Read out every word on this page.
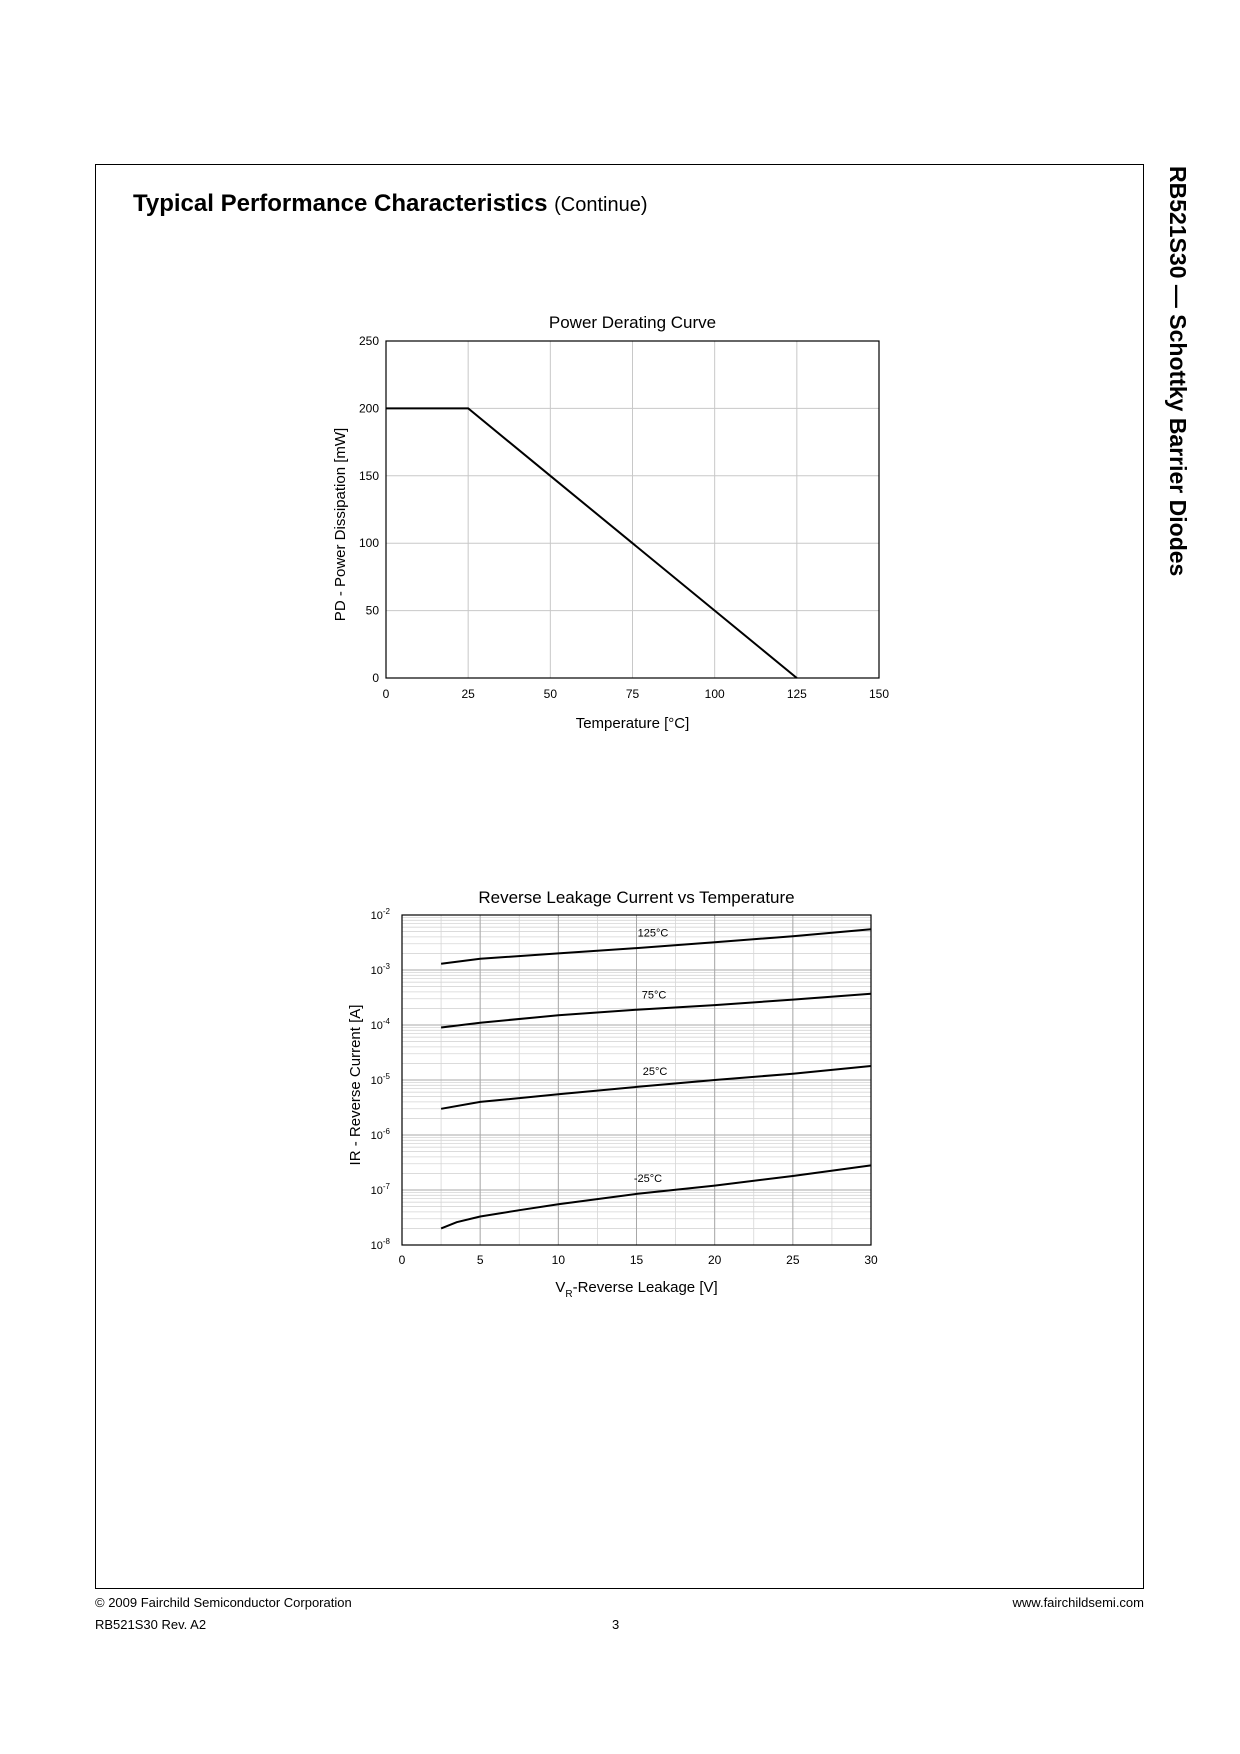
Typical Performance Characteristics (Continue)	RB521S30 — Schottky Barrier Diodes
0	25	50	75	100	125	150
0
50
100
150
200
250
Power Derating Curve
Temperature [°C]
PD - Power Dissipation [mW]
0	5	10	15	20	25	30
$10^{-2}$
$10^{-3}$
$10^{-4}$
$10^{-5}$
$10^{-6}$
$10^{-7}$
$10^{-8}$
125°C
75°C
25°C
-25°C
Reverse Leakage Current vs Temperature
$V_R$-Reverse Leakage [V]
IR - Reverse Current [A]
© 2009 Fairchild Semiconductor Corporation
RB521S30 Rev. A2	3
www.fairchildsemi.com
